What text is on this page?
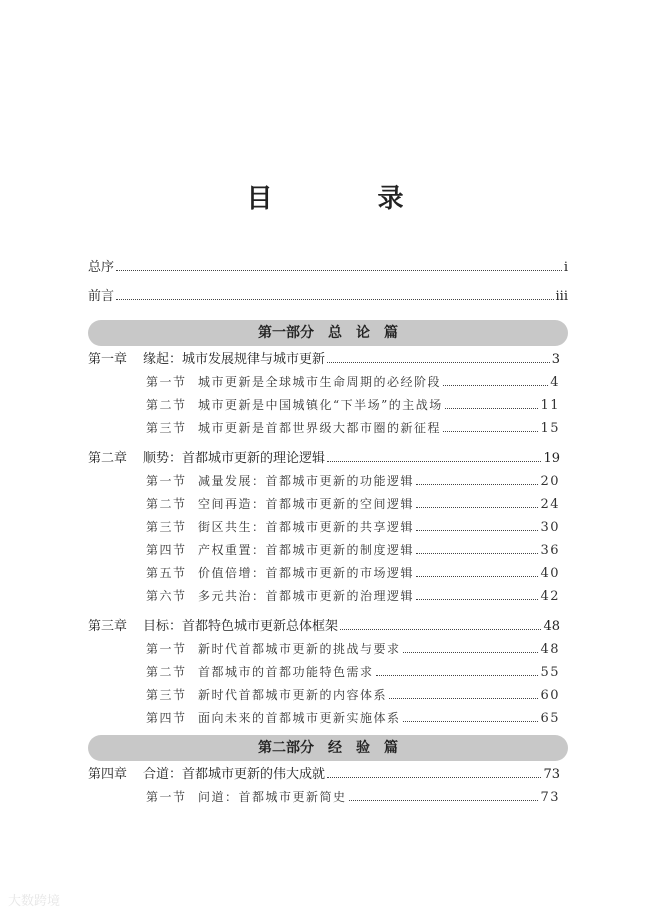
目 录
总序	i
前言	iii
第一部分　总　论　篇
第一章	缘起：城市发展规律与城市更新	3
第一节 城市更新是全球城市生命周期的必经阶段	4
第二节 城市更新是中国城镇化“下半场”的主战场	11
第三节 城市更新是首都世界级大都市圈的新征程	15
第二章	顺势：首都城市更新的理论逻辑	19
第一节 减量发展：首都城市更新的功能逻辑	20
第二节 空间再造：首都城市更新的空间逻辑	24
第三节 街区共生：首都城市更新的共享逻辑	30
第四节 产权重置：首都城市更新的制度逻辑	36
第五节 价值倍增：首都城市更新的市场逻辑	40
第六节 多元共治：首都城市更新的治理逻辑	42
第三章	目标：首都特色城市更新总体框架	48
第一节 新时代首都城市更新的挑战与要求	48
第二节 首都城市的首都功能特色需求	55
第三节 新时代首都城市更新的内容体系	60
第四节 面向未来的首都城市更新实施体系	65
第二部分　经　验　篇
第四章	合道：首都城市更新的伟大成就	73
第一节 问道：首都城市更新简史	73
大数跨境
